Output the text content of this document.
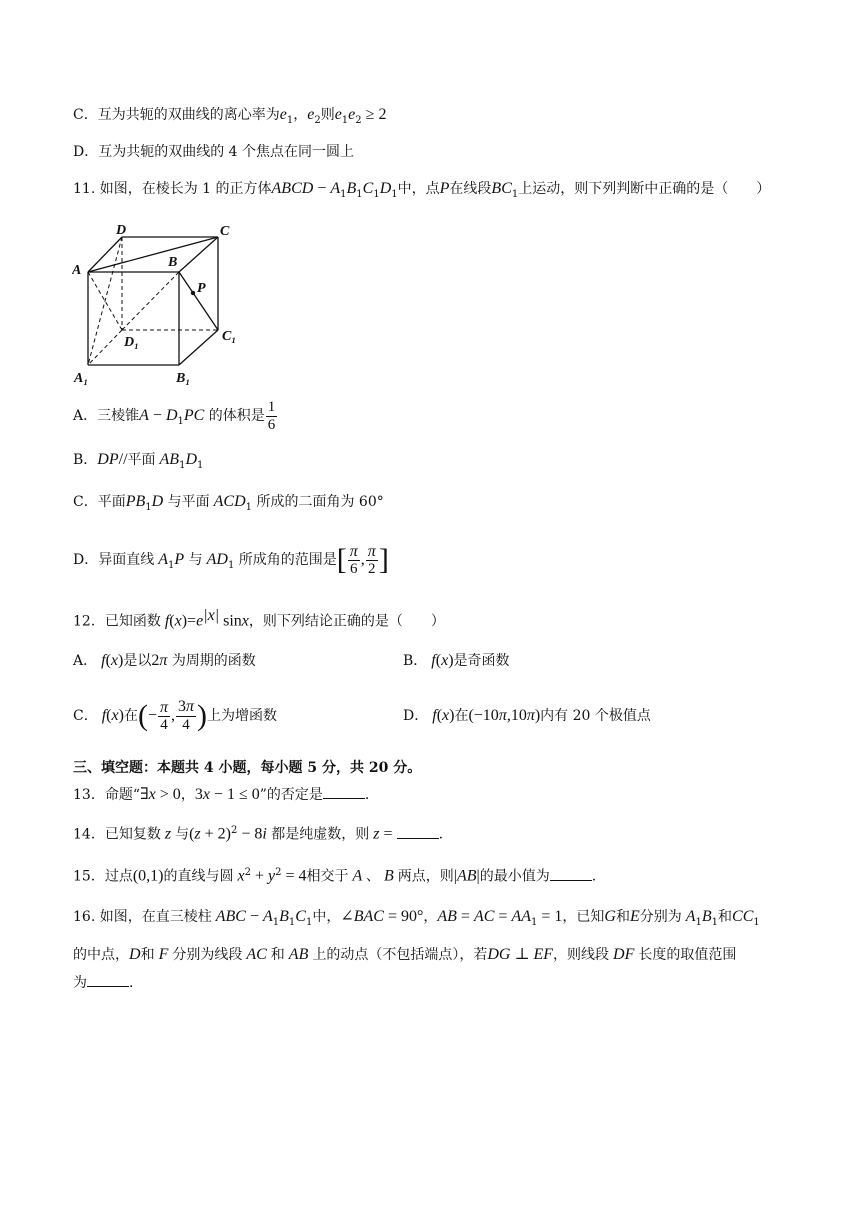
C．互为共轭的双曲线的离心率为$e_1$，$e_2$则$e_1e_2 \ge 2$
D．互为共轭的双曲线的 4 个焦点在同一圆上
11. 如图，在棱长为 1 的正方体ABCD − $A_1B_1C_1D_1$中，点P在线段$BC_1$上运动，则下列判断中正确的是（　　）
D	C
A
B
P
D₁	C₁
A₁	B₁
A．三棱锥$A - D_1PC$ 的体积是 $\frac{1}{6}$
B．DP//平面 $AB_1D_1$
C．平面$PB_1D$ 与平面 $ACD_1$ 所成的二面角为 60°
D．异面直线 $A_1P$ 与 $AD_1$ 所成角的范围是[ $\frac{\pi}{6}$ , $\frac{\pi}{2}$ ]
12．已知函数 $f(x)=e^{|x|}$ sinx，则下列结论正确的是（　　）
A． f(x)是以2π 为周期的函数	B． f(x)是奇函数
C． f(x)在(− $\frac{\pi}{4}$ , $\frac{3\pi}{4}$ )上为增函数	D． f(x)在(−10π,10π)内有 20 个极值点
三、填空题：本题共 4 小题，每小题 5 分，共 20 分。
13．命题“∃x > 0，3x − 1 ≤ 0”的否定是	.
14．已知复数 z 与$(z + 2)^2 - 8i$ 都是纯虚数，则 z =	.
15．过点(0,1)的直线与圆 $x^2 + y^2 = 4$相交于 A 、 B 两点，则|AB|的最小值为	.
16. 如图，在直三棱柱 ABC − $A_1B_1C_1$中，∠BAC = 90°，AB = AC = $AA_1 = 1$，已知G和E分别为 $A_1B_1$和$CC_1$
的中点，D和 F 分别为线段 AC 和 AB 上的动点（不包括端点），若DG ⊥ EF，则线段 DF 长度的取值范围
为	.
